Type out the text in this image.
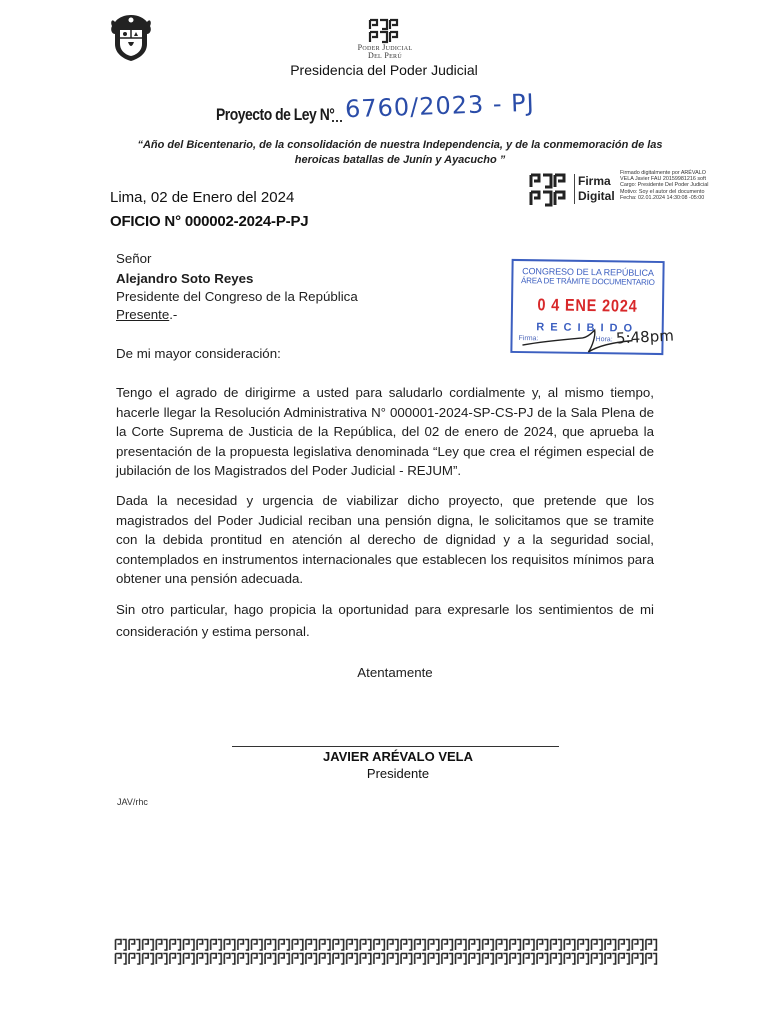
Poder Judicial
Del Perú
Presidencia del Poder Judicial
Proyecto de Ley N° 6760/2023 - PJ
“Año del Bicentenario, de la consolidación de nuestra Independencia, y de la conmemoración de las heroicas batallas de Junín y Ayacucho ”
Lima, 02 de Enero del 2024
OFICIO N° 000002-2024-P-PJ
Firma
Digital
Firmado digitalmente por ARÉVALO
VELA Javier FAU 20159981216 soft
Cargo: Presidente Del Poder Judicial
Motivo: Soy el autor del documento
Fecha: 02.01.2024 14:30:08 -05:00
Señor
Alejandro Soto Reyes
Presidente del Congreso de la República
Presente.-
CONGRESO DE LA REPÚBLICA
ÁREA DE TRÁMITE DOCUMENTARIO
0 4 ENE 2024
RECIBIDO
Firma:	Hora: 5:48pm
De mi mayor consideración:
Tengo el agrado de dirigirme a usted para saludarlo cordialmente y, al mismo tiempo, hacerle llegar la Resolución Administrativa N° 000001-2024-SP-CS-PJ de la Sala Plena de la Corte Suprema de Justicia de la República, del 02 de enero de 2024, que aprueba la presentación de la propuesta legislativa denominada “Ley que crea el régimen especial de jubilación de los Magistrados del Poder Judicial - REJUM”.
Dada la necesidad y urgencia de viabilizar dicho proyecto, que pretende que los magistrados del Poder Judicial reciban una pensión digna, le solicitamos que se tramite con la debida prontitud en atención al derecho de dignidad y a la seguridad social, contemplados en instrumentos internacionales que establecen los requisitos mínimos para obtener una pensión adecuada.
Sin otro particular, hago propicia la oportunidad para expresarle los sentimientos de mi consideración y estima personal.
Atentamente
JAVIER ARÉVALO VELA
Presidente
JAV/rhc
